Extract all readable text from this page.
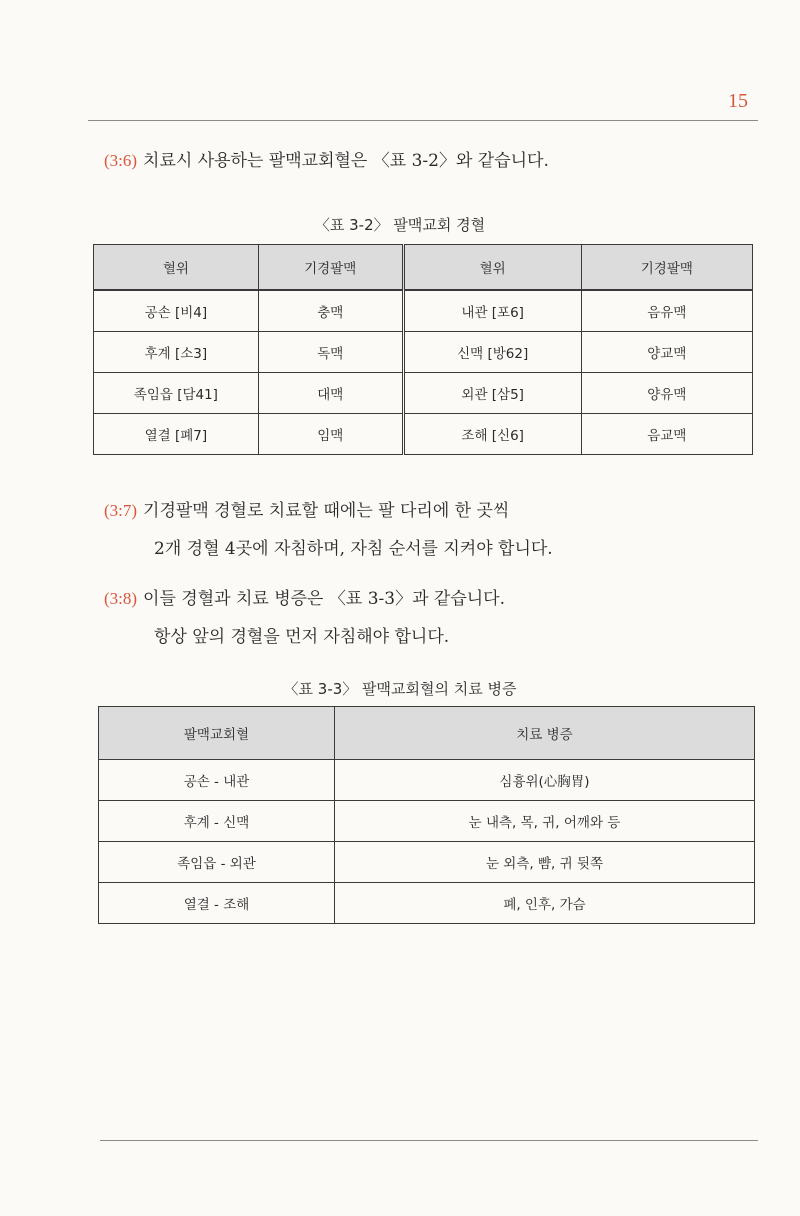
15
(3:6) 치료시 사용하는 팔맥교회혈은 〈표 3-2〉와 같습니다.
〈표 3-2〉 팔맥교회 경혈
혈위	기경팔맥	혈위	기경팔맥
공손 [비4]	충맥	내관 [포6]	음유맥
후계 [소3]	독맥	신맥 [방62]	양교맥
족임읍 [담41]	대맥	외관 [삼5]	양유맥
열결 [폐7]	임맥	조해 [신6]	음교맥
(3:7) 기경팔맥 경혈로 치료할 때에는 팔 다리에 한 곳씩
2개 경혈 4곳에 자침하며, 자침 순서를 지켜야 합니다.
(3:8) 이들 경혈과 치료 병증은 〈표 3-3〉과 같습니다.
항상 앞의 경혈을 먼저 자침해야 합니다.
〈표 3-3〉 팔맥교회혈의 치료 병증
팔맥교회혈	치료 병증
공손 - 내관	심흉위(心胸胃)
후계 - 신맥	눈 내측, 목, 귀, 어깨와 등
족임읍 - 외관	눈 외측, 뺨, 귀 뒷쪽
열결 - 조해	폐, 인후, 가슴
